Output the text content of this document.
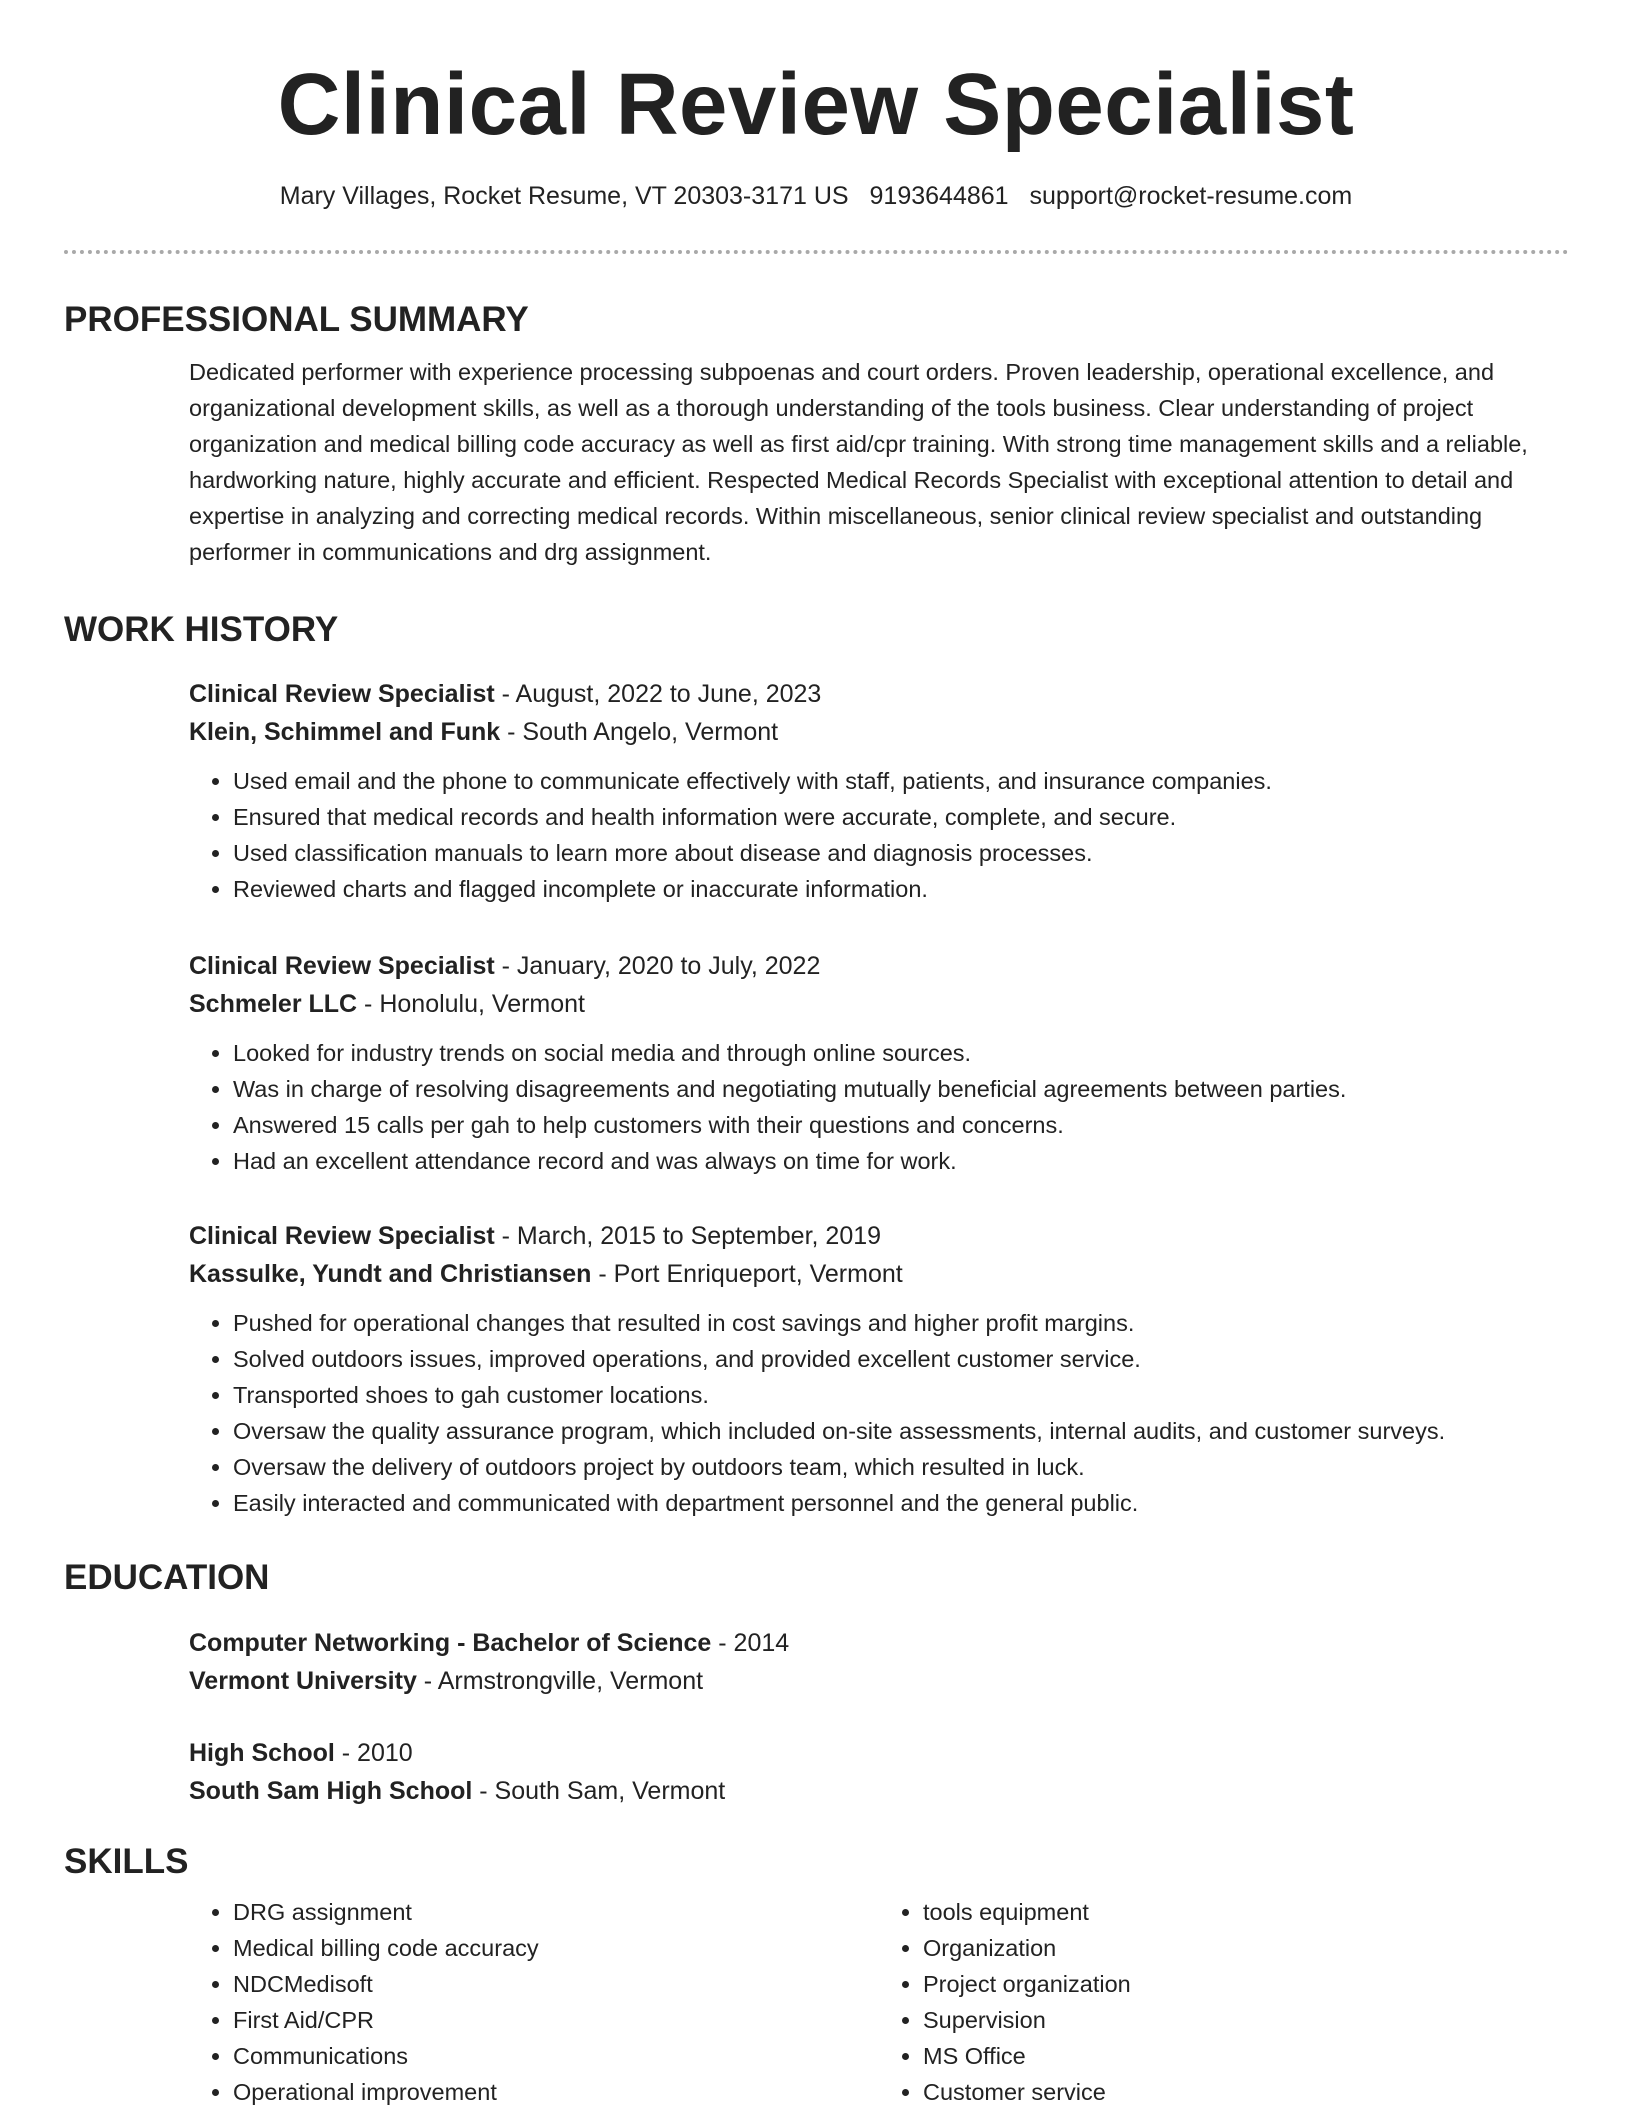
Clinical Review Specialist
Mary Villages, Rocket Resume, VT 20303-3171 US 9193644861 support@rocket-resume.com
PROFESSIONAL SUMMARY

Dedicated performer with experience processing subpoenas and court orders. Proven leadership, operational excellence, and organizational development skills, as well as a thorough understanding of the tools business. Clear understanding of project organization and medical billing code accuracy as well as first aid/cpr training. With strong time management skills and a reliable, hardworking nature, highly accurate and efficient. Respected Medical Records Specialist with exceptional attention to detail and expertise in analyzing and correcting medical records. Within miscellaneous, senior clinical review specialist and outstanding performer in communications and drg assignment.

WORK HISTORY

Clinical Review Specialist - August, 2022 to June, 2023

Klein, Schimmel and Funk - South Angelo, Vermont

• Used email and the phone to communicate effectively with staff, patients, and insurance companies.
• Ensured that medical records and health information were accurate, complete, and secure.
• Used classification manuals to learn more about disease and diagnosis processes.
• Reviewed charts and flagged incomplete or inaccurate information.

Clinical Review Specialist - January, 2020 to July, 2022

Schmeler LLC - Honolulu, Vermont

• Looked for industry trends on social media and through online sources.
• Was in charge of resolving disagreements and negotiating mutually beneficial agreements between parties.
• Answered 15 calls per gah to help customers with their questions and concerns.
• Had an excellent attendance record and was always on time for work.

Clinical Review Specialist - March, 2015 to September, 2019

Kassulke, Yundt and Christiansen - Port Enriqueport, Vermont

• Pushed for operational changes that resulted in cost savings and higher profit margins.
• Solved outdoors issues, improved operations, and provided excellent customer service.
• Transported shoes to gah customer locations.
• Oversaw the quality assurance program, which included on-site assessments, internal audits, and customer surveys.
• Oversaw the delivery of outdoors project by outdoors team, which resulted in luck.
• Easily interacted and communicated with department personnel and the general public.
EDUCATION

Computer Networking - Bachelor of Science - 2014

Vermont University - Armstrongville, Vermont

High School - 2010

South Sam High School - South Sam, Vermont

SKILLS
• DRG assignment
• Medical billing code accuracy
• NDCMedisoft
• First Aid/CPR
• Communications
• Operational improvement
• tools equipment
• Organization
• Project organization
• Supervision
• MS Office
• Customer service
